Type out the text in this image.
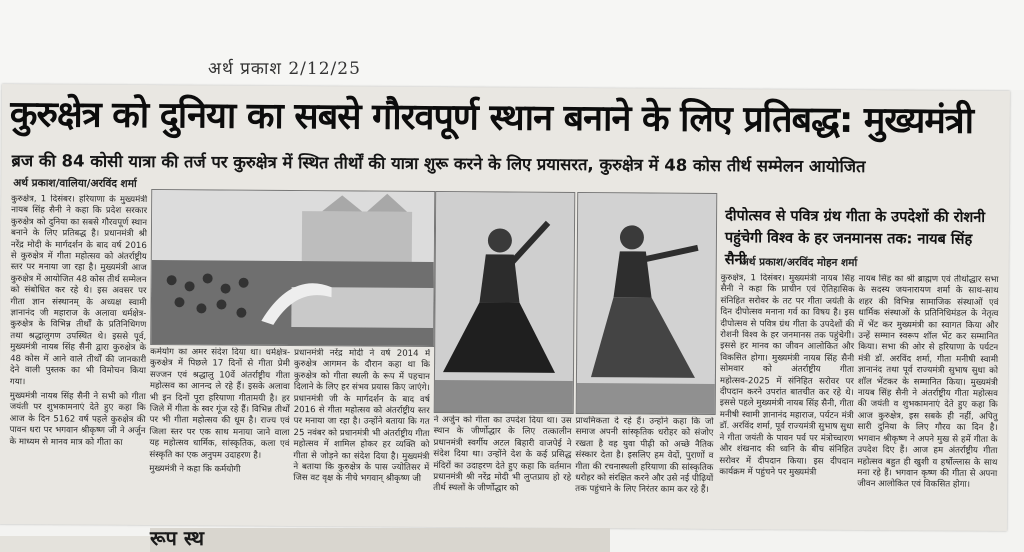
अर्थ प्रकाश 2/12/25
कुरुक्षेत्र को दुनिया का सबसे गौरवपूर्ण स्थान बनाने के लिए प्रतिबद्ध: मुख्यमंत्री
ब्रज की 84 कोसी यात्रा की तर्ज पर कुरुक्षेत्र में स्थित तीर्थों की यात्रा शुरू करने के लिए प्रयासरत, कुरुक्षेत्र में 48 कोस तीर्थ सम्मेलन आयोजित
अर्थ प्रकाश/वालिया/अरविंद शर्मा

कुरुक्षेत्र, 1 दिसंबर। हरियाणा के मुख्यमंत्री नायब सिंह सैनी ने कहा कि प्रदेश सरकार कुरुक्षेत्र को दुनिया का सबसे गौरवपूर्ण स्थान बनाने के लिए प्रतिबद्ध है। प्रधानमंत्री श्री नरेंद्र मोदी के मार्गदर्शन के बाद वर्ष 2016 से कुरुक्षेत्र में गीता महोत्सव को अंतर्राष्ट्रीय स्तर पर मनाया जा रहा है। मुख्यमंत्री आज कुरुक्षेत्र में आयोजित 48 कोस तीर्थ सम्मेलन को संबोधित कर रहे थे। इस अवसर पर गीता ज्ञान संस्थानम् के अध्यक्ष स्वामी ज्ञानानंद जी महाराज के अलावा धर्मक्षेत्र-कुरुक्षेत्र के विभिन्न तीर्थों के प्रतिनिधिगण तथा श्रद्धालुगण उपस्थित थे। इससे पूर्व, मुख्यमंत्री नायब सिंह सैनी द्वारा कुरुक्षेत्र के 48 कोस में आने वाले तीर्थों की जानकारी देने वाली पुस्तक का भी विमोचन किया गया।

मुख्यमंत्री नायब सिंह सैनी ने सभी को गीता जयंती पर शुभकामनाएं देते हुए कहा कि आज के दिन 5162 वर्ष पहले कुरुक्षेत्र की पावन धरा पर भगवान श्रीकृष्ण जी ने अर्जुन के माध्यम से मानव मात्र को गीता का

कर्मयोग का अमर संदेश दिया था। धर्मक्षेत्र-कुरुक्षेत्र में पिछले 17 दिनों से गीता प्रेमी सज्जन एवं श्रद्धालु 10वें अंतर्राष्ट्रीय गीता महोत्सव का आनन्द ले रहे हैं। इसके अलावा भी इन दिनों पूरा हरियाणा गीतामयी है। हर जिले में गीता के स्वर गूंज रहे हैं। विभिन्न तीर्थों पर भी गीता महोत्सव की धूम है। राज्य एवं जिला स्तर पर एक साथ मनाया जाने वाला यह महोत्सव धार्मिक, सांस्कृतिक, कला एवं संस्कृति का एक अनुपम उदाहरण है।

मुख्यमंत्री ने कहा कि कर्मयोगी

प्रधानमंत्री नरेंद्र मोदी ने वर्ष 2014 में कुरुक्षेत्र आगमन के दौरान कहा था कि कुरुक्षेत्र को गीता स्थली के रूप में पहचान दिलाने के लिए हर संभव प्रयास किए जाएंगे। प्रधानमंत्री जी के मार्गदर्शन के बाद वर्ष 2016 से गीता महोत्सव को अंतर्राष्ट्रीय स्तर पर मनाया जा रहा है। उन्होंने बताया कि गत 25 नवंबर को प्रधानमंत्री भी अंतर्राष्ट्रीय गीता महोत्सव में शामिल होकर हर व्यक्ति को गीता से जोड़ने का संदेश दिया है। मुख्यमंत्री ने बताया कि कुरुक्षेत्र के पास ज्योतिसर में जिस वट वृक्ष के नीचे भगवान् श्रीकृष्ण जी

ने अर्जुन को गीता का उपदेश दिया था। उस स्थान के जीर्णोद्धार के लिए तत्कालीन प्रधानमंत्री स्वर्गीय अटल बिहारी वाजपेई ने संदेश दिया था। उन्होंने देश के कई प्रसिद्ध मंदिरों का उदाहरण देते हुए कहा कि वर्तमान प्रधानमंत्री श्री नरेंद्र मोदी भी लुप्तप्राय हो रहे तीर्थ स्थलों के जीर्णोद्धार को

प्राथमिकता दे रहे हैं। उन्होंने कहा कि जो समाज अपनी सांस्कृतिक धरोहर को संजोए रखता है वह युवा पीढ़ी को अच्छे नैतिक संस्कार देता है। इसलिए हम वेदों, पुराणों व गीता की रचनास्थली हरियाणा की सांस्कृतिक धरोहर को संरक्षित करने और उसे नई पीढ़ियों तक पहुंचाने के लिए निरंतर काम कर रहे हैं।

दीपोत्सव से पवित्र ग्रंथ गीता के उपदेशों की रोशनी पहुंचेगी विश्व के हर जनमानस तक: नायब सिंह सैनी
अर्थ प्रकाश/अरविंद मोहन शर्मा

कुरुक्षेत्र, 1 दिसंबर। मुख्यमंत्री नायब सिंह सैनी ने कहा कि प्राचीन एवं ऐतिहासिक संनिहित सरोवर के तट पर गीता जयंती के दिन दीपोत्सव मनाना गर्व का विषय है। इस दीपोत्सव से पवित्र ग्रंथ गीता के उपदेशों की रोशनी विश्व के हर जनमानस तक पहुंचेगी। इससे हर मानव का जीवन आलोकित और विकसित होगा। मुख्यमंत्री नायब सिंह सैनी सोमवार को अंतर्राष्ट्रीय गीता महोत्सव-2025 में संनिहित सरोवर पर दीपदान करने उपरांत बातचीत कर रहे थे। इससे पहले मुख्यमंत्री नायब सिंह सैनी, गीता मनीषी स्वामी ज्ञानानंद महाराज, पर्यटन मंत्री डॉ. अरविंद शर्मा, पूर्व राज्यमंत्री सुभाष सुधा ने गीता जयंती के पावन पर्व पर मंत्रोच्चारण और शंखनाद की ध्वनि के बीच संनिहित सरोवर में दीपदान किया। इस दीपदान कार्यक्रम में पहुंचने पर मुख्यमंत्री

नायब सिंह का श्री ब्राह्मण एवं तीर्थोद्धार सभा के सदस्य जयनारायण शर्मा के साथ-साथ शहर की विभिन्न सामाजिक संस्थाओं एवं धार्मिक संस्थाओं के प्रतिनिधिमंडल के नेतृत्व में भेंट कर मुख्यमंत्री का स्वागत किया और उन्हें सम्मान स्वरूप शॉल भेंट कर सम्मानित किया। सभा की ओर से हरियाणा के पर्यटन मंत्री डॉ. अरविंद शर्मा, गीता मनीषी स्वामी ज्ञानानंद तथा पूर्व राज्यमंत्री सुभाष सुधा को शॉल भेंटकर के सम्मानित किया। मुख्यमंत्री नायब सिंह सैनी ने अंतर्राष्ट्रीय गीता महोत्सव की जयंती व शुभकामनाएं देते हुए कहा कि आज कुरुक्षेत्र, इस सबके ही नहीं, अपितु सारी दुनिया के लिए गौरव का दिन है। भगवान श्रीकृष्ण ने अपने मुख से हमें गीता के उपदेश दिए हैं। आज हम अंतर्राष्ट्रीय गीता महोत्सव बहुत ही खुशी व हर्षोल्लास के साथ मना रहे हैं। भगवान कृष्ण की गीता से अपना जीवन आलोकित एवं विकसित होगा।

रूप स्थ
